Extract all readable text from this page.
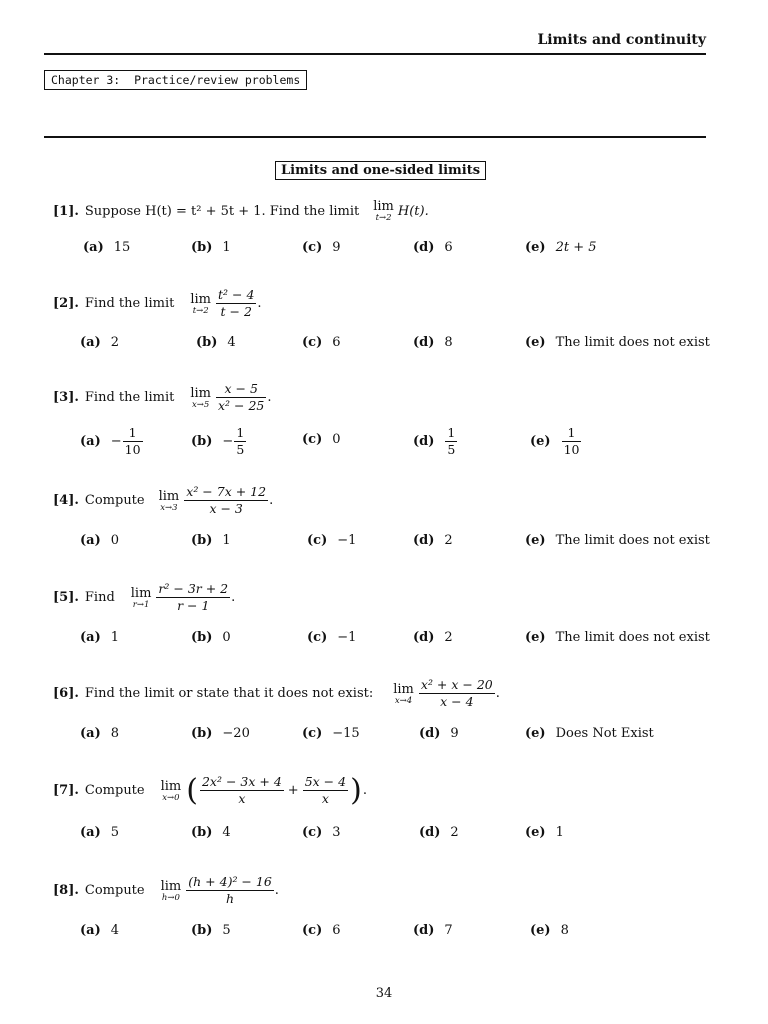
Limits and continuity
Chapter 3:  Practice/review problems
Limits and one-sided limits
[1]. Suppose H(t) = t² + 5t + 1. Find the limit lim
t→2 H(t).
(a) 15	(b) 1	(c) 9	(d) 6	(e) 2t + 5
[2]. Find the limit lim
$t\to 2 \frac{\text{t² − 4}}{t - 2}$ .
(a) 2	(b) 4	(c) 6	(d) 8	(e) The limit does not exist
[3]. Find the limit lim
$x\to 5 \frac{x - 5}{\text{x² − 25}}$ .
$(a) - \frac{1}{10}$	$(b) - \frac{1}{5}$	(c) 0	$(d) \frac{1}{5}$	$(e) \frac{1}{10}$
[4]. Compute lim
$x\to 3 \frac{\text{x² − 7x + 12}}{x - 3}$ .
(a) 0	(b) 1	(c) −1	(d) 2	(e) The limit does not exist
[5]. Find lim
$r\to 1 \frac{\text{r² − 3r + 2}}{r - 1}$ .
(a) 1	(b) 0	(c) −1	(d) 2	(e) The limit does not exist
[6]. Find the limit or state that it does not exist: lim
$x\to 4 \frac{\text{x² + x − 20}}{x - 4}$ .
(a) 8	(b) −20	(c) −15	(d) 9	(e) Does Not Exist
[7]. Compute lim
x→0 ( $\frac{\text{2x² − 3x + 4}}{x} + \frac{5x - 4}{x}$ ) .
(a) 5	(b) 4	(c) 3	(d) 2	(e) 1
[8]. Compute lim
$h\to 0 \frac{\text{(h + 4)² − 16}}{h}$ .
(a) 4	(b) 5	(c) 6	(d) 7	(e) 8
34
